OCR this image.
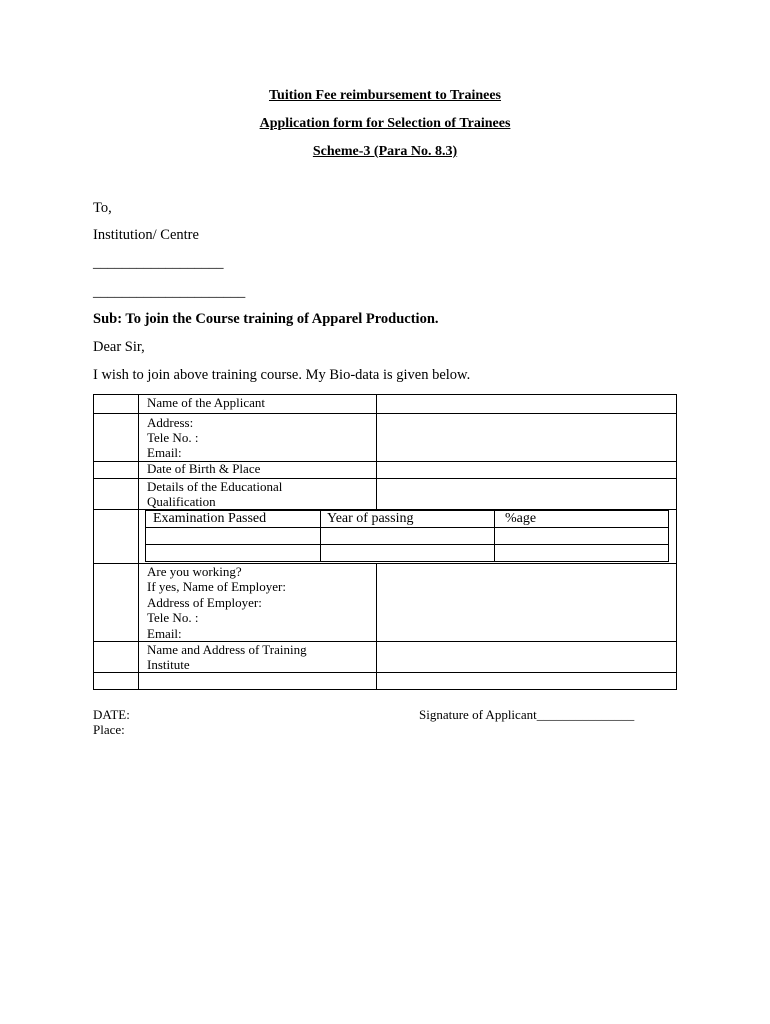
Tuition Fee reimbursement to Trainees
Application form for Selection of Trainees
Scheme-3 (Para No. 8.3)
To,
Institution/ Centre
__________________
_____________________
Sub: To join the Course training of Apparel Production.
Dear Sir,
I wish to join above training course. My Bio-data is given below.
Name of the Applicant
Address:
Tele No. :
Email:
Date of Birth & Place
Details of the Educational
Qualification
Examination Passed	Year of passing	%age
Are you working?
If yes, Name of Employer:
Address of Employer:
Tele No. :
Email:
Name and Address of Training
Institute
DATE:
Place:
Signature of Applicant_______________
